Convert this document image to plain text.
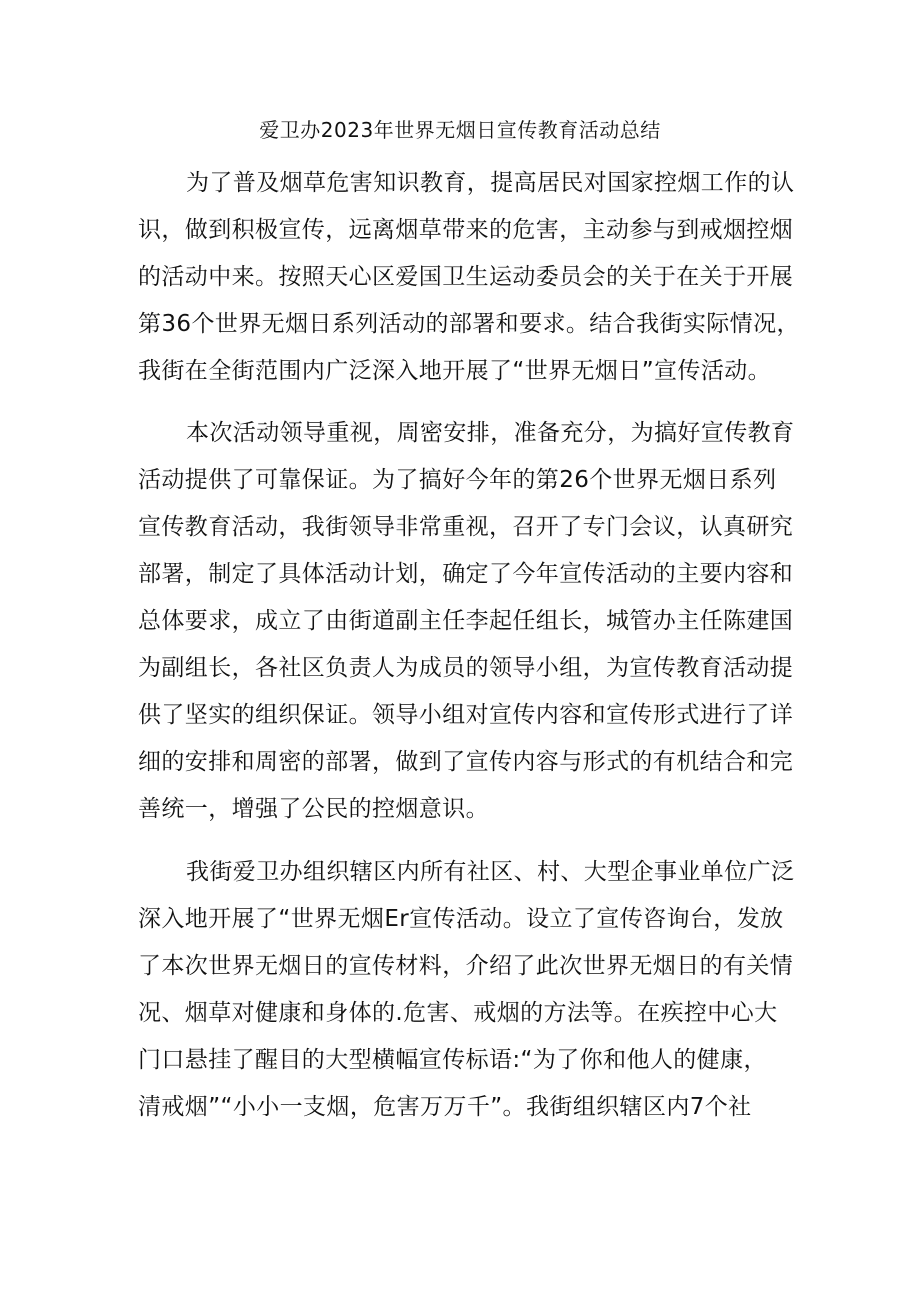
爱卫办2023年世界无烟日宣传教育活动总结
为了普及烟草危害知识教育，提高居民对国家控烟工作的认
识，做到积极宣传，远离烟草带来的危害，主动参与到戒烟控烟
的活动中来。按照天心区爱国卫生运动委员会的关于在关于开展
第36个世界无烟日系列活动的部署和要求。结合我街实际情况，
我街在全街范围内广泛深入地开展了“世界无烟日”宣传活动。
本次活动领导重视，周密安排，准备充分，为搞好宣传教育
活动提供了可靠保证。为了搞好今年的第26个世界无烟日系列
宣传教育活动，我街领导非常重视，召开了专门会议，认真研究
部署，制定了具体活动计划，确定了今年宣传活动的主要内容和
总体要求，成立了由街道副主任李起任组长，城管办主任陈建国
为副组长，各社区负责人为成员的领导小组，为宣传教育活动提
供了坚实的组织保证。领导小组对宣传内容和宣传形式进行了详
细的安排和周密的部署，做到了宣传内容与形式的有机结合和完
善统一，增强了公民的控烟意识。
我街爱卫办组织辖区内所有社区、村、大型企事业单位广泛
深入地开展了“世界无烟Er宣传活动。设立了宣传咨询台，发放
了本次世界无烟日的宣传材料，介绍了此次世界无烟日的有关情
况、烟草对健康和身体的.危害、戒烟的方法等。在疾控中心大
门口悬挂了醒目的大型横幅宣传标语:“为了你和他人的健康，
清戒烟”“小小一支烟，危害万万千”。我街组织辖区内7个社
